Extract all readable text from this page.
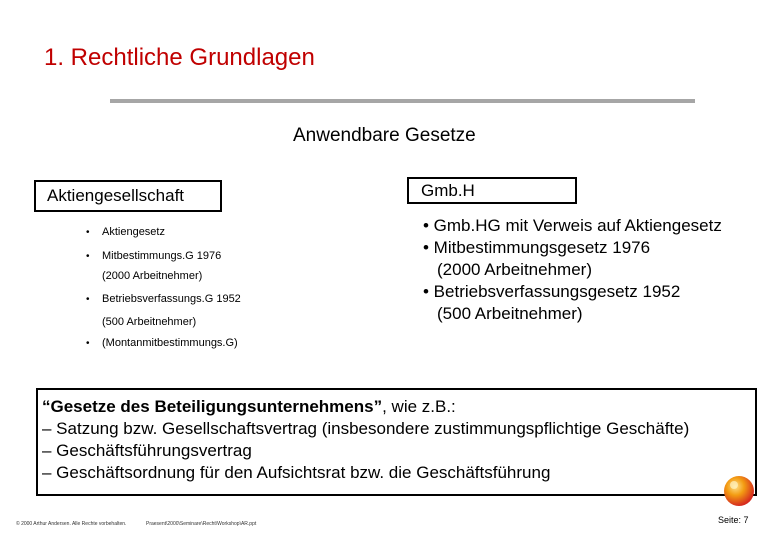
1. Rechtliche Grundlagen
Anwendbare Gesetze
Aktiengesellschaft
• Aktiengesetz
• Mitbestimmungs.G 1976
(2000 Arbeitnehmer)
• Betriebsverfassungs.G 1952
(500 Arbeitnehmer)
• (Montanmitbestimmungs.G)
Gmb.H
• Gmb.HG mit Verweis auf Aktiengesetz
• Mitbestimmungsgesetz 1976
(2000 Arbeitnehmer)
• Betriebsverfassungsgesetz 1952
(500 Arbeitnehmer)
“Gesetze des Beteiligungsunternehmens”, wie z.B.:
– Satzung bzw. Gesellschaftsvertrag (insbesondere zustimmungspflichtige Geschäfte)
– Geschäftsführungsvertrag
– Geschäftsordnung für den Aufsichtsrat bzw. die Geschäftsführung
© 2000 Arthur Andersen. Alle Rechte vorbehalten.	Praesent\2000\Seminare\Recht\Workshop\AR.ppt	Seite: 7
